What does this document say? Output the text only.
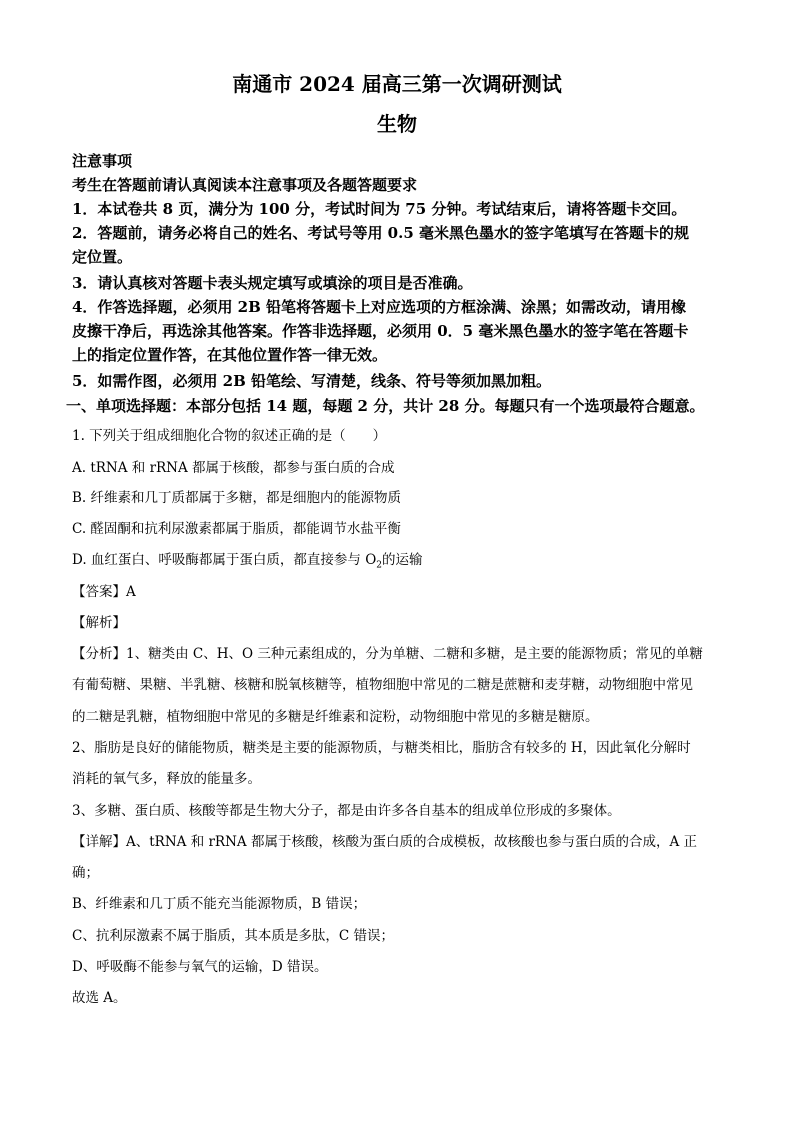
南通市 2024 届高三第一次调研测试
生物
注意事项
考生在答题前请认真阅读本注意事项及各题答题要求
1．本试卷共 8 页，满分为 100 分，考试时间为 75 分钟。考试结束后，请将答题卡交回。
2．答题前，请务必将自己的姓名、考试号等用 0.5 毫米黑色墨水的签字笔填写在答题卡的规
定位置。
3．请认真核对答题卡表头规定填写或填涂的项目是否准确。
4．作答选择题，必须用 2B 铅笔将答题卡上对应选项的方框涂满、涂黑；如需改动，请用橡
皮擦干净后，再选涂其他答案。作答非选择题，必须用 0．5 毫米黑色墨水的签字笔在答题卡
上的指定位置作答，在其他位置作答一律无效。
5．如需作图，必须用 2B 铅笔绘、写清楚，线条、符号等须加黑加粗。
一、单项选择题：本部分包括 14 题，每题 2 分，共计 28 分。每题只有一个选项最符合题意。
1. 下列关于组成细胞化合物的叙述正确的是（　　）
A. tRNA 和 rRNA 都属于核酸，都参与蛋白质的合成
B. 纤维素和几丁质都属于多糖，都是细胞内的能源物质
C. 醛固酮和抗利尿激素都属于脂质，都能调节水盐平衡
D. 血红蛋白、呼吸酶都属于蛋白质，都直接参与 $O_2$的运输
【答案】A
【解析】
【分析】1、糖类由 C、H、O 三种元素组成的，分为单糖、二糖和多糖，是主要的能源物质；常见的单糖
有葡萄糖、果糖、半乳糖、核糖和脱氧核糖等，植物细胞中常见的二糖是蔗糖和麦芽糖，动物细胞中常见
的二糖是乳糖，植物细胞中常见的多糖是纤维素和淀粉，动物细胞中常见的多糖是糖原。
2、脂肪是良好的储能物质，糖类是主要的能源物质，与糖类相比，脂肪含有较多的 H，因此氧化分解时
消耗的氧气多，释放的能量多。
3、多糖、蛋白质、核酸等都是生物大分子，都是由许多各自基本的组成单位形成的多聚体。
【详解】A、tRNA 和 rRNA 都属于核酸，核酸为蛋白质的合成模板，故核酸也参与蛋白质的合成，A 正
确；
B、纤维素和几丁质不能充当能源物质，B 错误；
C、抗利尿激素不属于脂质，其本质是多肽，C 错误；
D、呼吸酶不能参与氧气的运输，D 错误。
故选 A。
